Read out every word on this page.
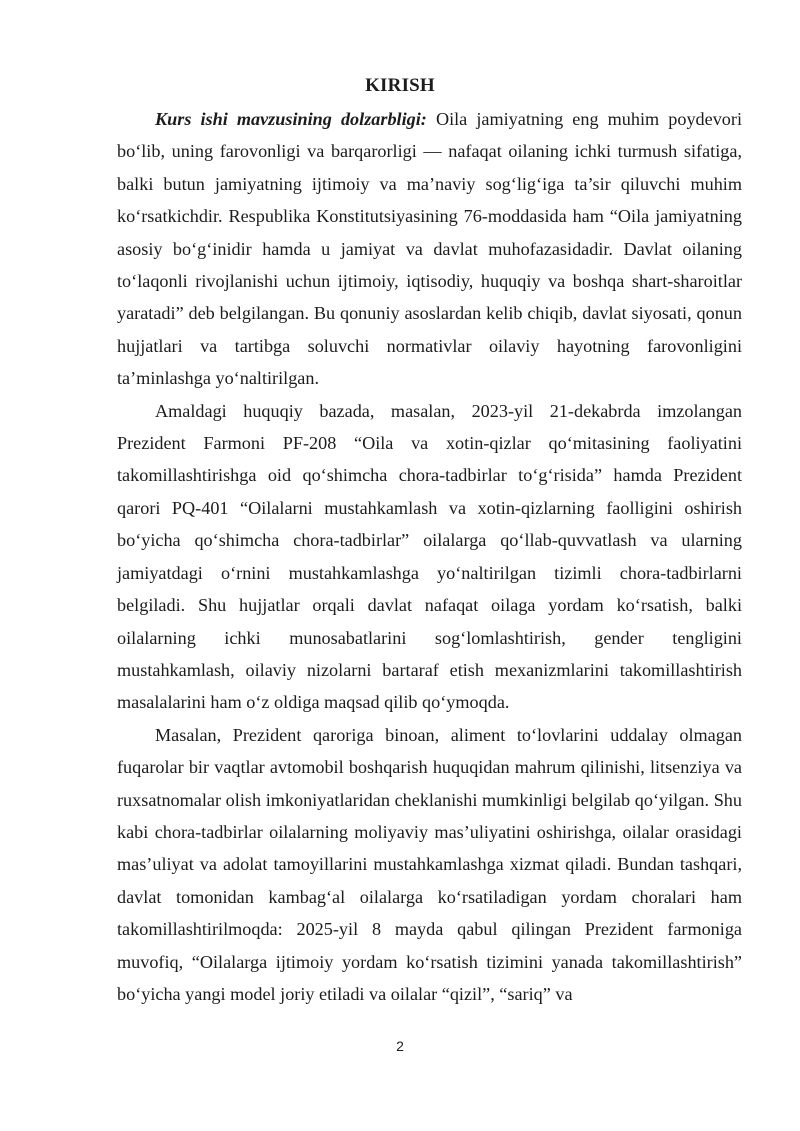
KIRISH

Kurs ishi mavzusining dolzarbligi: Oila jamiyatning eng muhim poydevori bo‘lib, uning farovonligi va barqarorligi — nafaqat oilaning ichki turmush sifatiga, balki butun jamiyatning ijtimoiy va ma’naviy sog‘lig‘iga ta’sir qiluvchi muhim ko‘rsatkichdir. Respublika Konstitutsiyasining 76-moddasida ham “Oila jamiyatning asosiy bo‘g‘inidir hamda u jamiyat va davlat muhofazasidadir. Davlat oilaning to‘laqonli rivojlanishi uchun ijtimoiy, iqtisodiy, huquqiy va boshqa shart-sharoitlar yaratadi” deb belgilangan. Bu qonuniy asoslardan kelib chiqib, davlat siyosati, qonun hujjatlari va tartibga soluvchi normativlar oilaviy hayotning farovonligini ta’minlashga yo‘naltirilgan.

Amaldagi huquqiy bazada, masalan, 2023-yil 21-dekabrda imzolangan Prezident Farmoni PF-208 “Oila va xotin-qizlar qo‘mitasining faoliyatini takomillashtirishga oid qo‘shimcha chora-tadbirlar to‘g‘risida” hamda Prezident qarori PQ-401 “Oilalarni mustahkamlash va xotin-qizlarning faolligini oshirish bo‘yicha qo‘shimcha chora-tadbirlar” oilalarga qo‘llab-quvvatlash va ularning jamiyatdagi o‘rnini mustahkamlashga yo‘naltirilgan tizimli chora-tadbirlarni belgiladi. Shu hujjatlar orqali davlat nafaqat oilaga yordam ko‘rsatish, balki oilalarning ichki munosabatlarini sog‘lomlashtirish, gender tengligini mustahkamlash, oilaviy nizolarni bartaraf etish mexanizmlarini takomillashtirish masalalarini ham o‘z oldiga maqsad qilib qo‘ymoqda.

Masalan, Prezident qaroriga binoan, aliment to‘lovlarini uddalay olmagan fuqarolar bir vaqtlar avtomobil boshqarish huquqidan mahrum qilinishi, litsenziya va ruxsatnomalar olish imkoniyatlaridan cheklanishi mumkinligi belgilab qo‘yilgan. Shu kabi chora-tadbirlar oilalarning moliyaviy mas’uliyatini oshirishga, oilalar orasidagi mas’uliyat va adolat tamoyillarini mustahkamlashga xizmat qiladi. Bundan tashqari, davlat tomonidan kambag‘al oilalarga ko‘rsatiladigan yordam choralari ham takomillashtirilmoqda: 2025-yil 8 mayda qabul qilingan Prezident farmoniga muvofiq, “Oilalarga ijtimoiy yordam ko‘rsatish tizimini yanada takomillashtirish” bo‘yicha yangi model joriy etiladi va oilalar “qizil”, “sariq” va

2
